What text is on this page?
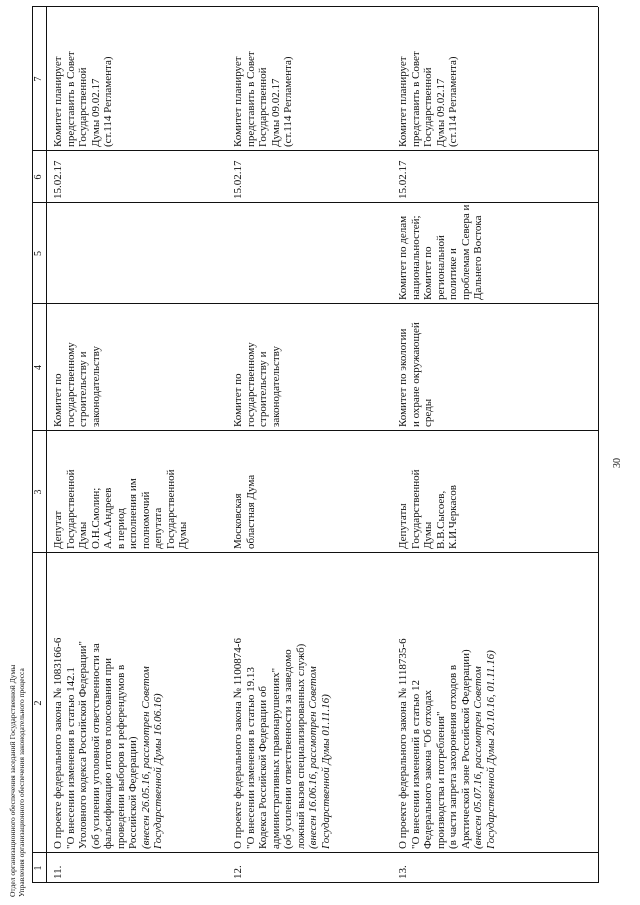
30
1
2
3
4
5
6
7
11.
О проекте федерального закона № 1083166-6 "О внесении изменения в статью 142.1 Уголовного кодекса Российской Федерации" (об усилении уголовной ответственности за фальсификацию итогов голосования при проведении выборов и референдумов в Российской Федерации) (внесен 26.05.16, рассмотрен Советом Государственной Думы 16.06.16)
Депутат Государственной Думы О.Н.Смолин; А.А.Андреев в период исполнения им полномочий депутата Государственной Думы
Комитет по государственному строительству и законодательству
15.02.17
Комитет планирует представить в Совет Государственной Думы 09.02.17 (ст.114 Регламента)
12.
О проекте федерального закона № 1100874-6 "О внесении изменения в статью 19.13 Кодекса Российской Федерации об административных правонарушениях" (об усилении ответственности за заведомо ложный вызов специализированных служб) (внесен 16.06.16, рассмотрен Советом Государственной Думы 01.11.16)
Московская областная Дума
Комитет по государственному строительству и законодательству
15.02.17
Комитет планирует представить в Совет Государственной Думы 09.02.17 (ст.114 Регламента)
13.
О проекте федерального закона № 1118735-6 "О внесении изменений в статью 12 Федерального закона "Об отходах производства и потребления" (в части запрета захоронения отходов в Арктической зоне Российской Федерации) (внесен 05.07.16, рассмотрен Советом Государственной Думы 20.10.16, 01.11.16)
Депутаты Государственной Думы В.В.Сысоев, К.И.Черкасов
Комитет по экологии и охране окружающей среды
Комитет по делам национальностей; Комитет по региональной политике и проблемам Севера и Дальнего Востока
15.02.17
Комитет планирует представить в Совет Государственной Думы 09.02.17 (ст.114 Регламента)
Отдел организационного обеспечения заседаний Государственной Думы Управления организационного обеспечения законодательного процесса
